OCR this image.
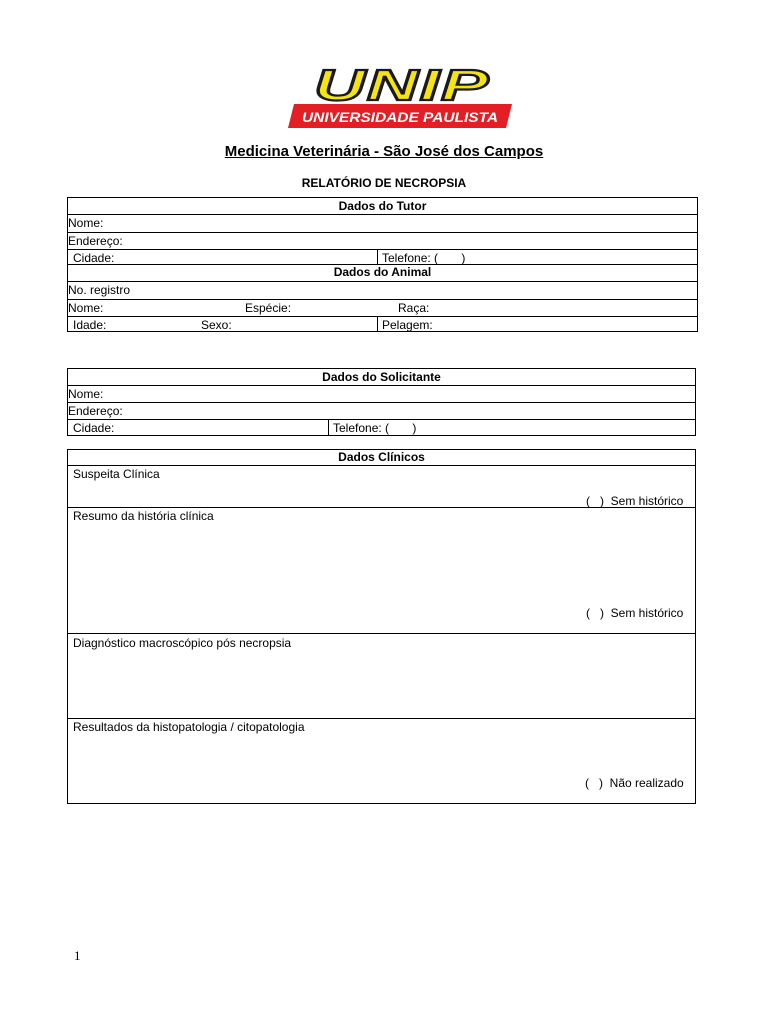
UNIP
UNIVERSIDADE PAULISTA
Medicina Veterinária - São José dos Campos
RELATÓRIO DE NECROPSIA
Dados do Tutor
Nome:
Endereço:
Cidade:	Telefone: (       )
Dados do Animal
No. registro
Nome:	Espécie:	Raça:
Idade:	Sexo:	Pelagem:
Dados do Solicitante
Nome:
Endereço:
Cidade:	Telefone: (       )
Dados Clínicos
Suspeita Clínica
(   )  Sem histórico
Resumo da história clínica
(   )  Sem histórico
Diagnóstico macroscópico pós necropsia
Resultados da histopatologia / citopatologia
(   )  Não realizado
1
